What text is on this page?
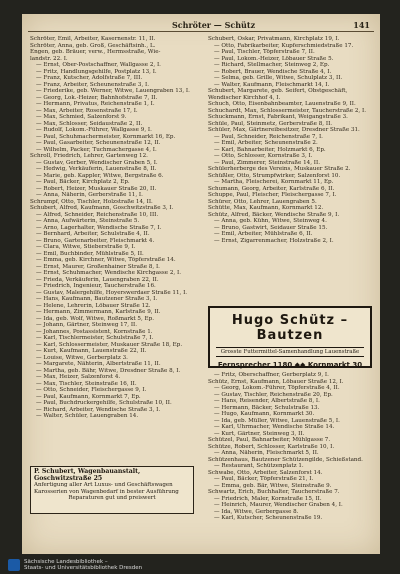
Schröter — Schütz	141
Schröter, Emil, Arbeiter, Kasernenstr. 11, II.
Schröter, Anna, geb. Groß, Geschäftsinh., L.
Engen, geb. Bräuer, verw., Hermsstraße, Wie-
landstr. 22. I.
— Ernst, Ober-Postschaffner, Wallgasse 2, I.
— Fritz, Handlungsgehilfe, Postplatz 13, I.
— Franz, Kutscher, Adolfstraße 7, III.
— Franz, Arbeiter, Scheunenstraße 3, I.
— Friederike, geb. Werner, Witwe, Lauengraben 13, I.
— Georg, Lok.-Heizer, Bahnhofstraße 7, II.
— Hermann, Privatus, Reichenstraße 1, I.
— Max, Arbeiter, Rosenstraße 17, I.
— Max, Schmied, Salzenforst 9.
— Max, Schlosser, Seidaustraße 2, II.
— Rudolf, Lokom.-Führer, Wallgasse 9, I.
— Paul, Schuhmachermeister, Kornmarkt 16, Ep.
— Paul, Gasarbeiter, Scheunenstraße 12, II.
— Wilhelm, Packer, Tuchmachergasse 4, I.
Schroll, Friedrich, Lehrer, Gartenweg 12.
— Gustav, Gerber, Wendischer Graben 5, I.
— Hedwig, Verkäuferin, Lauenstraße 8, II.
— Marie, geb. Kappler, Witwe, Bergstraße 6.
— Paul, Bäcker, Kirchplatz 2, Ep.
— Robert, Heizer, Muskauer Straße 20, II.
— Anna, Näherin, Gerberstraße 11, I.
Schrumpf, Otto, Tischler, Holzstraße 14, II.
Schubert, Alfred, Kaufmann, Goschwitzstraße 3, I.
— Alfred, Schneider, Reichenstraße 10, III.
— Anna, Aufwärterin, Steinstraße 5.
— Arno, Lagerhalter, Wendische Straße 7, I.
— Bernhard, Arbeiter, Schulstraße 4, II.
— Bruno, Gartenarbeiter, Fleischmarkt 4.
— Clara, Witwe, Stieberstraße 9, I.
— Emil, Buchbinder, Mühlstraße 5, II.
— Emma, geb. Kirchner, Witwe, Töpferstraße 14.
— Ernst, Maurer, Großenhainer Straße 8, I.
— Ernst, Schuhmacher, Wendische Kirchgasse 2, I.
— Frieda, Verkäuferin, Lauengraben 22, II.
— Friedrich, Ingenieur, Taucherstraße 16.
— Gustav, Malergehilfe, Hoyerswerdaer Straße 11, I.
— Hans, Kaufmann, Bautzener Straße 3, I.
— Helene, Lehrerin, Löbauer Straße 12.
— Hermann, Zimmermann, Karlstraße 9, II.
— Ida, geb. Wolf, Witwe, Roßmarkt 5, Ep.
— Johann, Gärtner, Steinweg 17, II.
— Johannes, Postassistent, Kornstraße 1.
— Karl, Tischlermeister, Schulstraße 7, I.
— Karl, Schlossermeister, Muskauer Straße 18, Ep.
— Kurt, Kaufmann, Lauenstraße 22, II.
— Louise, Witwe, Gerberplatz 3.
— Margarete, Nähterin, Albertstraße 11, II.
— Martha, geb. Bähr, Witwe, Dresdner Straße 8, I.
— Max, Heizer, Salzenforst 4.
— Max, Tischler, Steinstraße 16, II.
— Otto, Schneider, Fleischergasse 9, I.
— Paul, Kaufmann, Kornmarkt 7, Ep.
— Paul, Buchdruckergehilfe, Schulstraße 10, II.
— Richard, Arbeiter, Wendische Straße 3, I.
— Walter, Schüler, Lauengraben 14.
Schubert, Oskar, Privatmann, Kirchplatz 19, I.
— Otto, Fabrikarbeiter, Kupferschmiedstraße 17.
— Paul, Tischler, Töpferstraße 7, II.
— Paul, Lokom.-Heizer, Löbauer Straße 5.
— Richard, Stellmacher, Steinweg 2, Ep.
— Robert, Brauer, Wendische Straße 4, I.
— Selma, geb. Grille, Witwe, Schulplatz 3, II.
— Walter, Kaufmann, Fleischmarkt 14, I.
Schubert, Margarete, geb. Seifert, Obstgeschäft,
Wendischer Kirchhof 4, I.
Schuch, Otto, Eisenbahnbeamter, Lauenstraße 9, II.
Schuchardt, Max, Schlossermeister, Taucherstraße 2, I.
Schuckmann, Ernst, Fabrikant, Weigangstraße 3.
Schüle, Paul, Steinmetz, Gerberstraße 8, II.
Schüler, Max, Gärtnereibesitzer, Dresdner Straße 31.
— Paul, Schneider, Reichenstraße 7, I.
— Emil, Arbeiter, Scheunenstraße 2.
— Karl, Bahnarbeiter, Holzmarkt 6, Ep.
— Otto, Schlosser, Kornstraße 3, I.
— Paul, Zimmerer, Steinstraße 14, II.
Schülerherberge des Vereins, Muskauer Straße 2.
Schüßler, Otto, Strumpfwirker, Salzenforst 10.
— Martha, Fleischerei, Kornmarkt 11, Ep.
Schumann, Georg, Arbeiter, Karlstraße 6, II.
Schuppe, Paul, Fleischer, Fleischergasse 7, I.
Schürer, Otto, Lehrer, Lauengraben 5.
Schütte, Max, Kaufmann, Kornmarkt 12.
Schütz, Alfred, Bäcker, Wendische Straße 9, I.
— Anna, geb. Kühn, Witwe, Steinweg 4.
— Bruno, Gastwirt, Seidauer Straße 15.
— Emil, Arbeiter, Mühlstraße 6, II.
— Ernst, Zigarrenmacher, Holzstraße 2, I.
Hugo Schütz – Bautzen
Grosste Futtermittel-Samenhandlung Lauenstraße
Fernsprecher 1180 ◆◆ Kornmarkt 30
— Fritz, Oberschaffner, Gerberplatz 9, I.
Schütz, Ernst, Kaufmann, Löbauer Straße 12, I.
— Georg, Lokom.-Führer, Töpferstraße 4, II.
— Gustav, Tischler, Reichenstraße 20, Ep.
— Hans, Reisender, Albertstraße 8, I.
— Hermann, Bäcker, Schulstraße 13.
— Hugo, Kaufmann, Kornmarkt 30.
— Ida, geb. Müller, Witwe, Lauenstraße 5, I.
— Karl, Uhrmacher, Wendische Straße 14.
— Kurt, Gärtner, Steinweg 3, II.
Schützel, Paul, Bahnarbeiter, Mühlgasse 7.
Schütze, Robert, Schlosser, Karlstraße 10, I.
— Anna, Näherin, Fleischmarkt 5, II.
Schützenhaus, Bautzener Schützengilde, Schießstand.
— Restaurant, Schützenplatz 1.
Schwabe, Otto, Arbeiter, Salzenforst 14.
— Paul, Bäcker, Töpferstraße 21, I.
— Emma, geb. Bär, Witwe, Steinstraße 9.
Schwartz, Erich, Buchhalter, Taucherstraße 7.
— Friedrich, Maler, Kornstraße 15, II.
— Heinrich, Maurer, Wendischer Graben 4, I.
— Ida, Witwe, Gerbergasse 8.
— Karl, Kutscher, Scheunenstraße 19.
P. Schubert, Wagenbauanstalt, Goschwitzstraße 25
Anfertigung aller Art Luxus- und Geschäftswagen
Karosserien von Wagenbedarf in bester Ausführung
Reparaturen gut und preiswert
Sächsische Landesbibliothek –
Staats- und Universitätsbibliothek Dresden
